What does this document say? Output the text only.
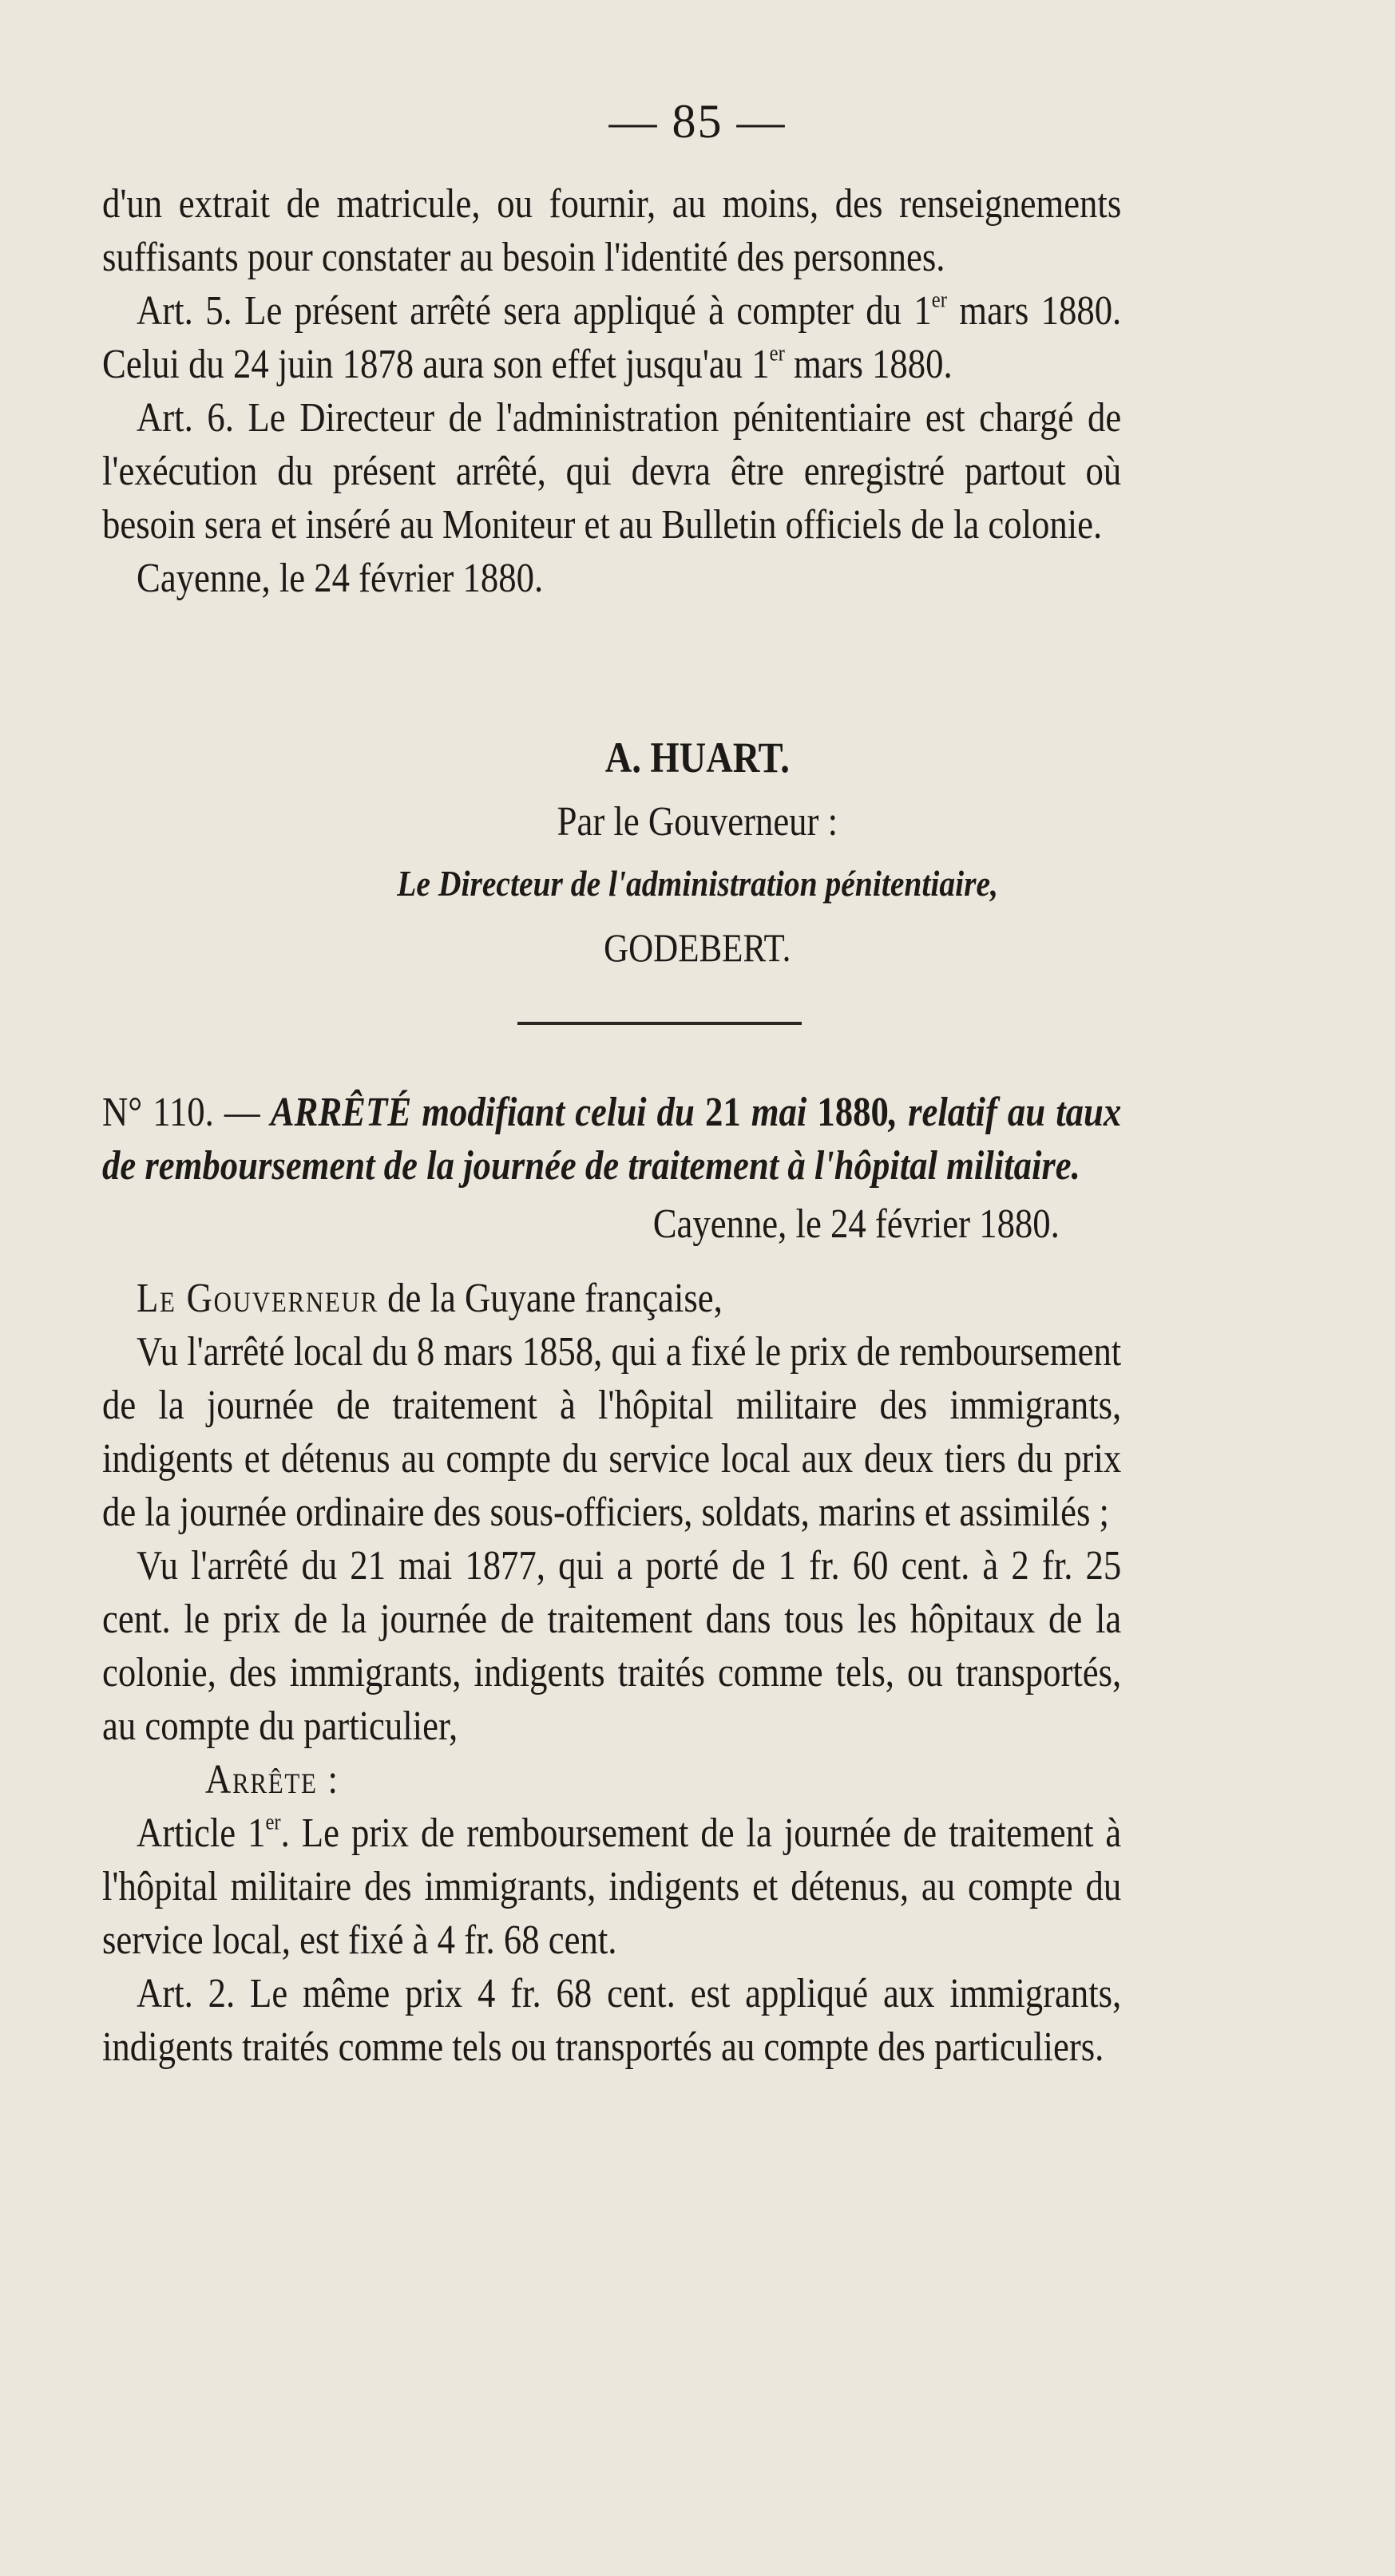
— 85 —

d'un extrait de matricule, ou fournir, au moins, des renseignements suffisants pour constater au besoin l'identité des personnes.

Art. 5. Le présent arrêté sera appliqué à compter du 1er mars 1880. Celui du 24 juin 1878 aura son effet jusqu'au 1er mars 1880.

Art. 6. Le Directeur de l'administration pénitentiaire est chargé de l'exécution du présent arrêté, qui devra être enregistré partout où besoin sera et inséré au Moniteur et au Bulletin officiels de la colonie.

Cayenne, le 24 février 1880.

A. HUART.
Par le Gouverneur :
Le Directeur de l'administration pénitentiaire,
GODEBERT.

N° 110. — ARRÊTÉ modifiant celui du 21 mai 1880, relatif au taux de remboursement de la journée de traitement à l'hôpital militaire.

Cayenne, le 24 février 1880.

Le Gouverneur de la Guyane française,

Vu l'arrêté local du 8 mars 1858, qui a fixé le prix de remboursement de la journée de traitement à l'hôpital militaire des immigrants, indigents et détenus au compte du service local aux deux tiers du prix de la journée ordinaire des sous-officiers, soldats, marins et assimilés ;

Vu l'arrêté du 21 mai 1877, qui a porté de 1 fr. 60 cent. à 2 fr. 25 cent. le prix de la journée de traitement dans tous les hôpitaux de la colonie, des immigrants, indigents traités comme tels, ou transportés, au compte du particulier,

Arrête :

Article 1er. Le prix de remboursement de la journée de traitement à l'hôpital militaire des immigrants, indigents et détenus, au compte du service local, est fixé à 4 fr. 68 cent.

Art. 2. Le même prix 4 fr. 68 cent. est appliqué aux immigrants, indigents traités comme tels ou transportés au compte des particuliers.
